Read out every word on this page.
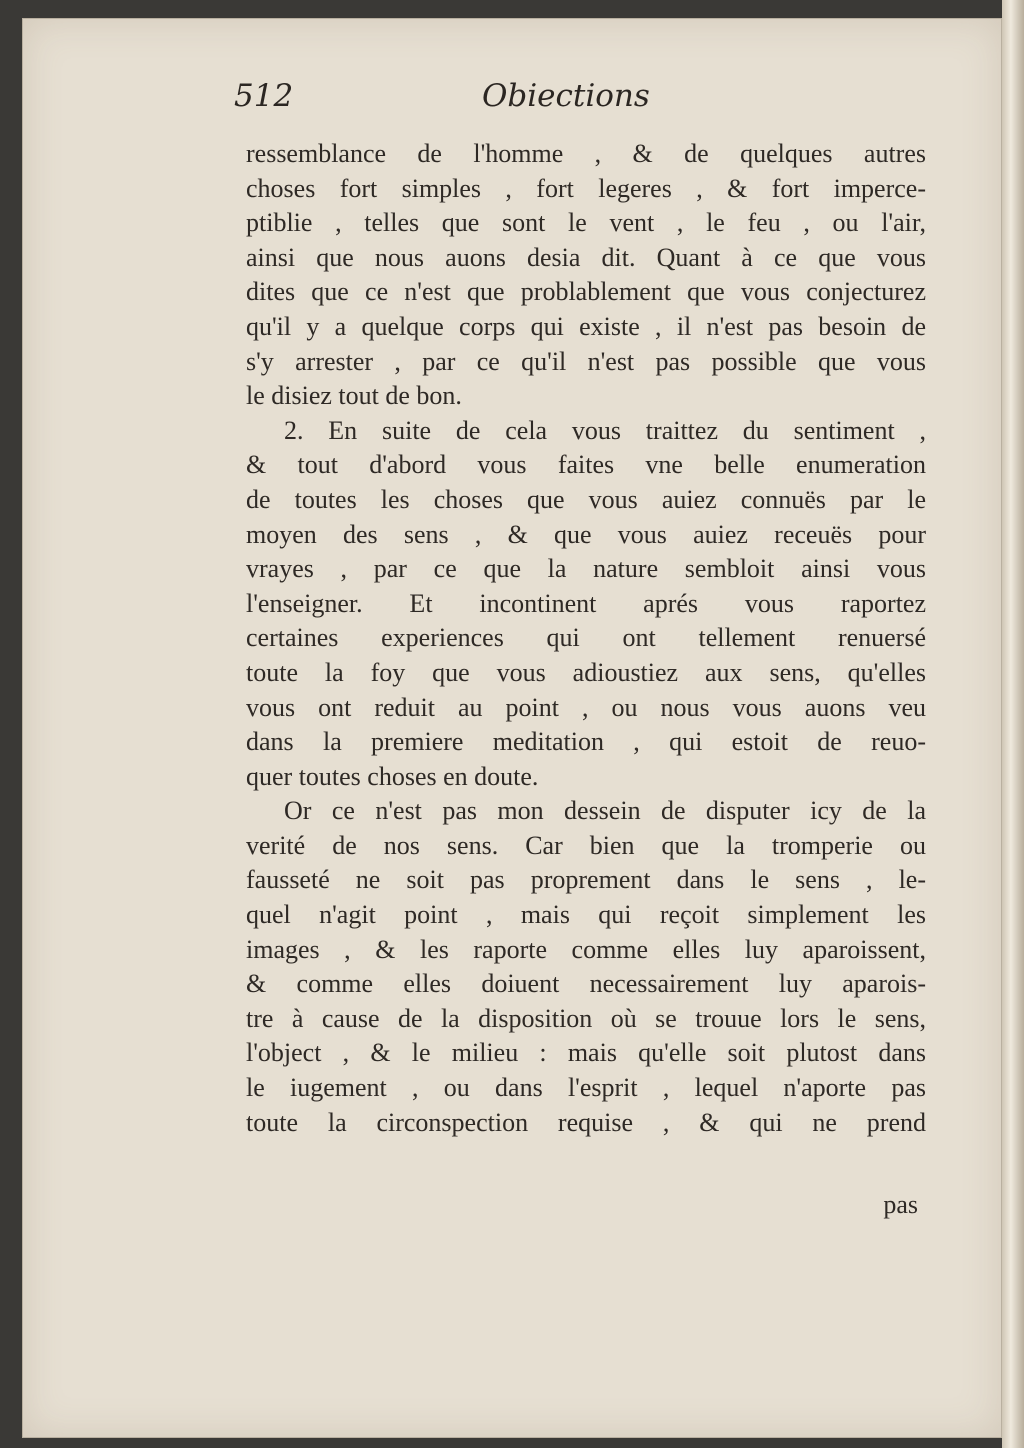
512	Obiections
ressemblance de l'homme , & de quelques autres
choses fort simples , fort legeres , & fort imperce-
ptiblie , telles que sont le vent , le feu , ou l'air,
ainsi que nous auons desia dit. Quant à ce que vous
dites que ce n'est que problablement que vous conjecturez
qu'il y a quelque corps qui existe , il n'est pas besoin de
s'y arrester , par ce qu'il n'est pas possible que vous
le disiez tout de bon.
2. En suite de cela vous traittez du sentiment ,
& tout d'abord vous faites vne belle enumeration
de toutes les choses que vous auiez connuës par le
moyen des sens , & que vous auiez receuës pour
vrayes , par ce que la nature sembloit ainsi vous
l'enseigner. Et incontinent aprés vous raportez
certaines experiences qui ont tellement renuersé
toute la foy que vous adioustiez aux sens, qu'elles
vous ont reduit au point , ou nous vous auons veu
dans la premiere meditation , qui estoit de reuo-
quer toutes choses en doute.
Or ce n'est pas mon dessein de disputer icy de la
verité de nos sens. Car bien que la tromperie ou
fausseté ne soit pas proprement dans le sens , le-
quel n'agit point , mais qui reçoit simplement les
images , & les raporte comme elles luy aparoissent,
& comme elles doiuent necessairement luy aparois-
tre à cause de la disposition où se trouue lors le sens,
l'object , & le milieu : mais qu'elle soit plutost dans
le iugement , ou dans l'esprit , lequel n'aporte pas
toute la circonspection requise , & qui ne prend
pas
